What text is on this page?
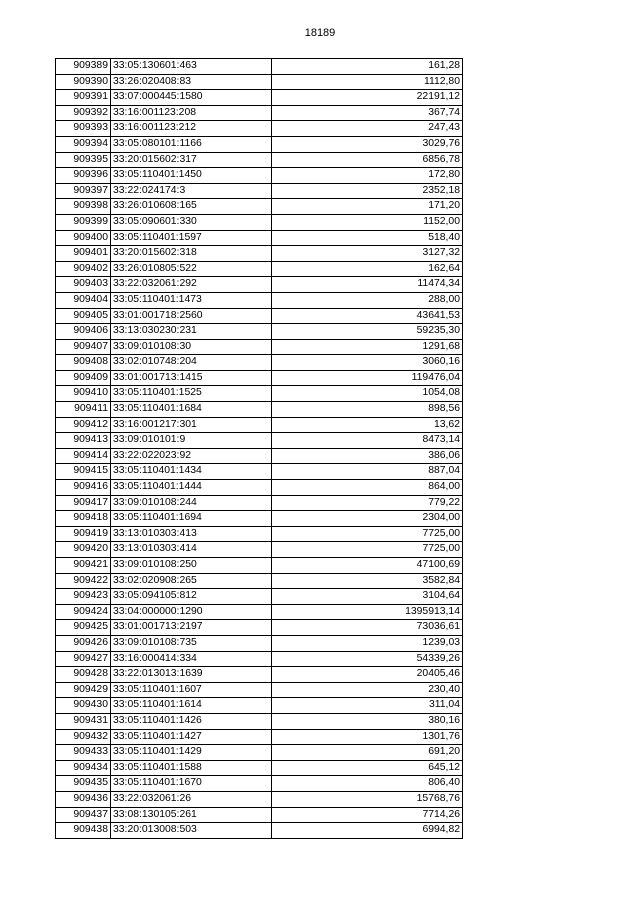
18189
909389	33:05:130601:463	161,28
909390	33:26:020408:83	1112,80
909391	33:07:000445:1580	22191,12
909392	33:16:001123:208	367,74
909393	33:16:001123:212	247,43
909394	33:05:080101:1166	3029,76
909395	33:20:015602:317	6856,78
909396	33:05:110401:1450	172,80
909397	33:22:024174:3	2352,18
909398	33:26:010608:165	171,20
909399	33:05:090601:330	1152,00
909400	33:05:110401:1597	518,40
909401	33:20:015602:318	3127,32
909402	33:26:010805:522	162,64
909403	33:22:032061:292	11474,34
909404	33:05:110401:1473	288,00
909405	33:01:001718:2560	43641,53
909406	33:13:030230:231	59235,30
909407	33:09:010108:30	1291,68
909408	33:02:010748:204	3060,16
909409	33:01:001713:1415	119476,04
909410	33:05:110401:1525	1054,08
909411	33:05:110401:1684	898,56
909412	33:16:001217:301	13,62
909413	33:09:010101:9	8473,14
909414	33:22:022023:92	386,06
909415	33:05:110401:1434	887,04
909416	33:05:110401:1444	864,00
909417	33:09:010108:244	779,22
909418	33:05:110401:1694	2304,00
909419	33:13:010303:413	7725,00
909420	33:13:010303:414	7725,00
909421	33:09:010108:250	47100,69
909422	33:02:020908:265	3582,84
909423	33:05:094105:812	3104,64
909424	33:04:000000:1290	1395913,14
909425	33:01:001713:2197	73036,61
909426	33:09:010108:735	1239,03
909427	33:16:000414:334	54339,26
909428	33:22:013013:1639	20405,46
909429	33:05:110401:1607	230,40
909430	33:05:110401:1614	311,04
909431	33:05:110401:1426	380,16
909432	33:05:110401:1427	1301,76
909433	33:05:110401:1429	691,20
909434	33:05:110401:1588	645,12
909435	33:05:110401:1670	806,40
909436	33:22:032061:26	15768,76
909437	33:08:130105:261	7714,26
909438	33:20:013008:503	6994,82
